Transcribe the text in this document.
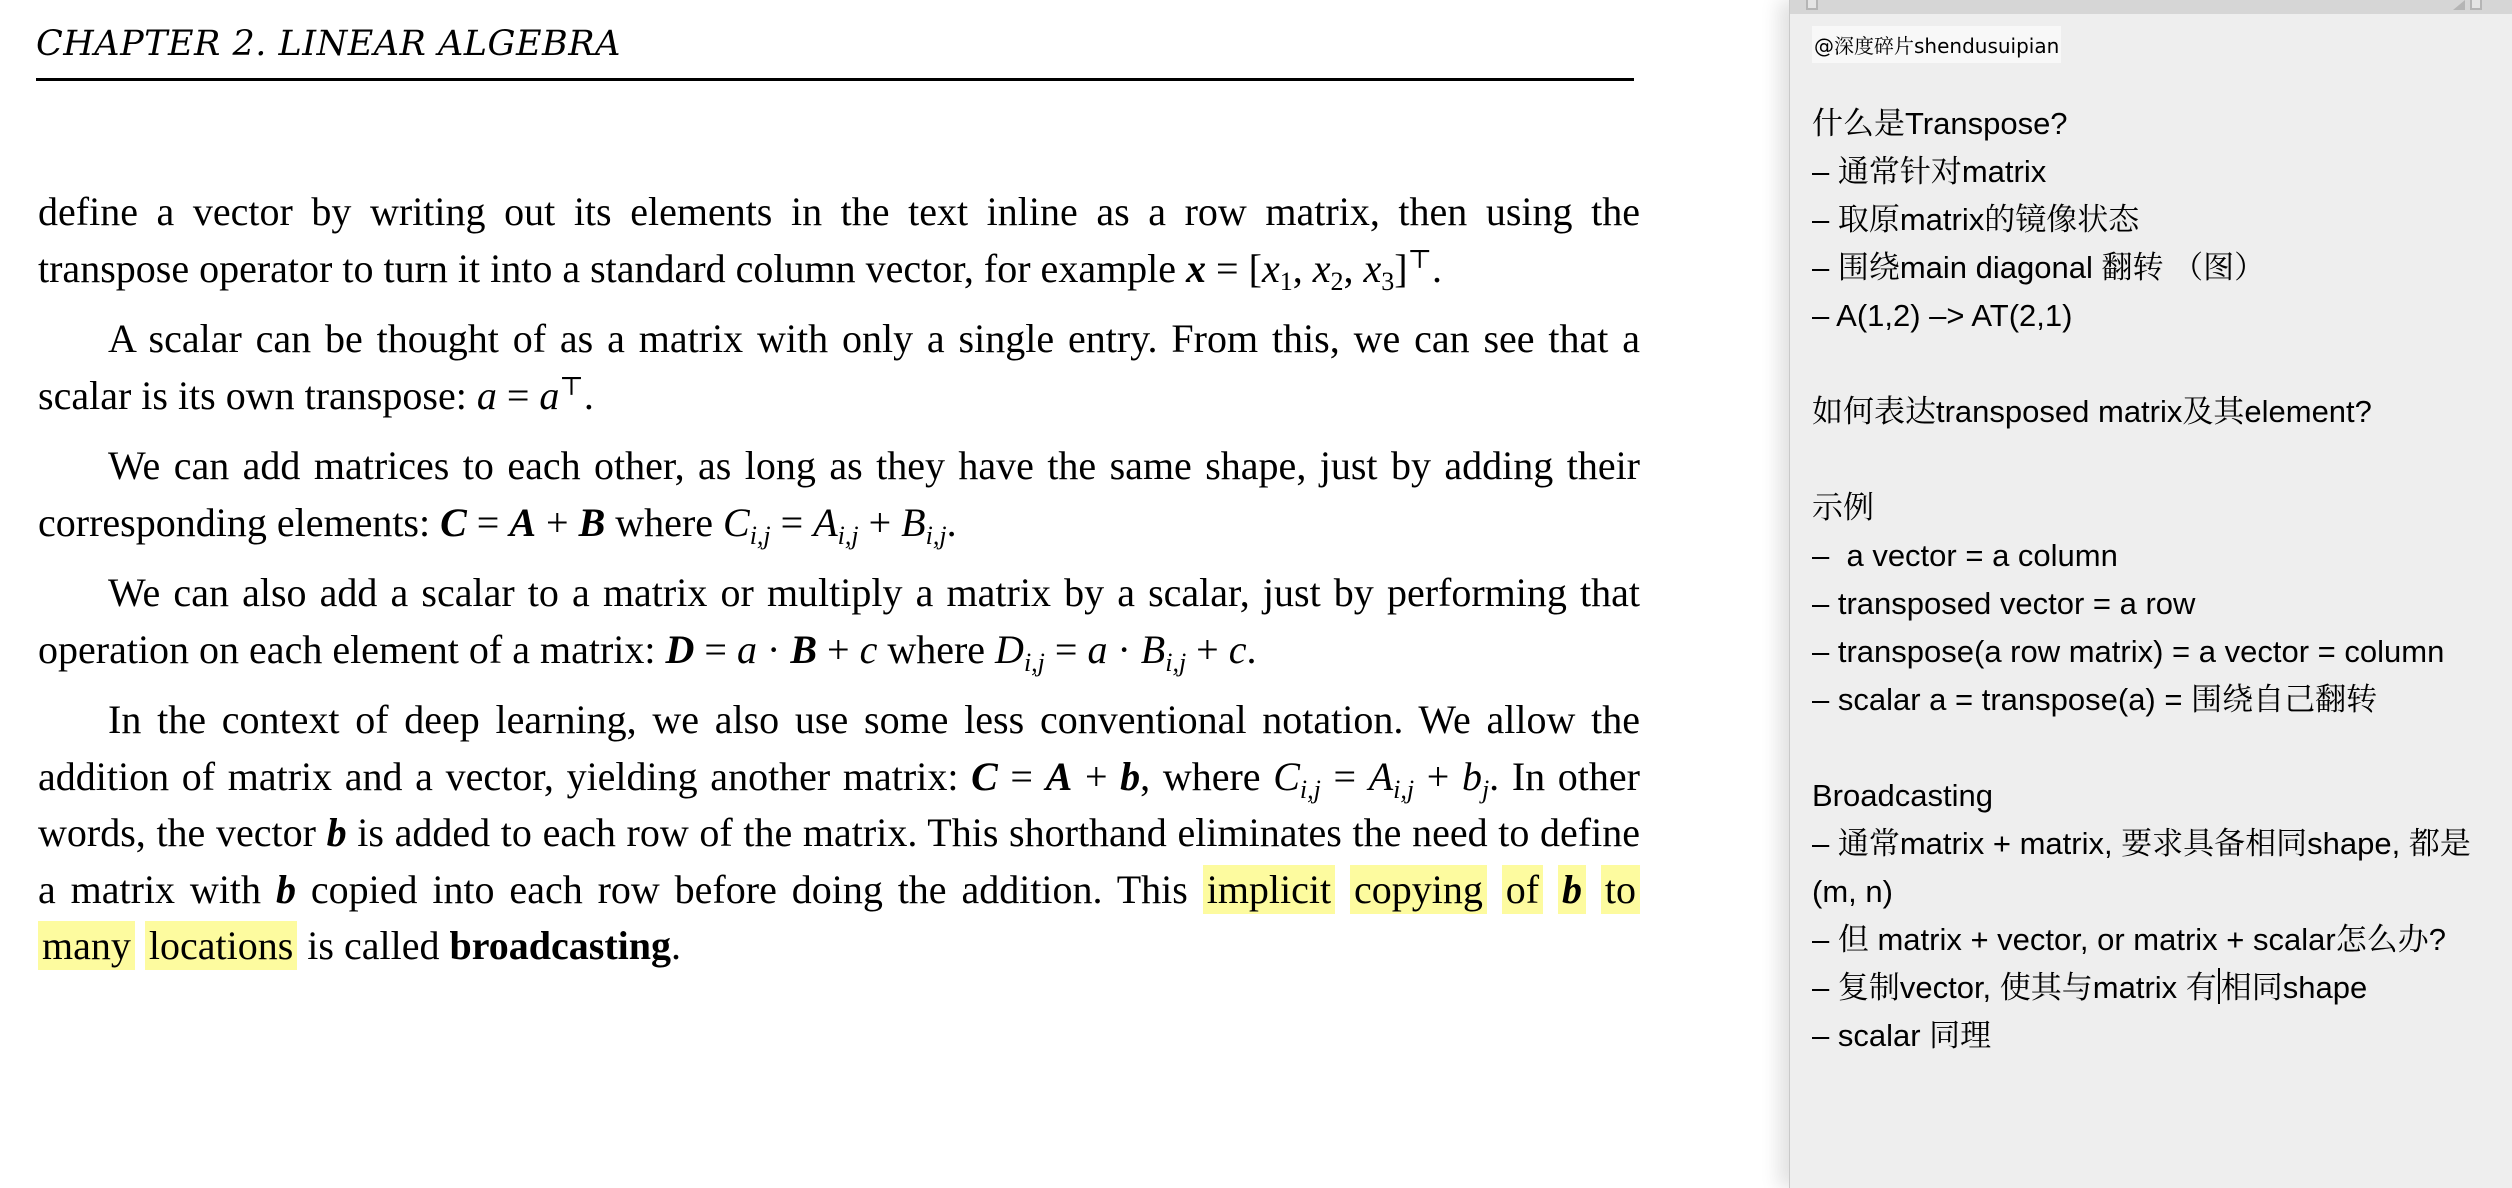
CHAPTER 2. LINEAR ALGEBRA

define a vector by writing out its elements in the text inline as a row matrix, then using the transpose operator to turn it into a standard column vector, for example $x = [x_1$, $x_2$, $x_3]^⊤$.

A scalar can be thought of as a matrix with only a single entry. From this, we can see that a scalar is its own transpose: a = a⊤.

We can add matrices to each other, as long as they have the same shape, just by adding their corresponding elements: C = A + B where $C_{i,j} = A_{i,j} + B_{i,j}$.

We can also add a scalar to a matrix or multiply a matrix by a scalar, just by performing that operation on each element of a matrix: D = a · B + c where $D_{i,j} = a \cdot B_{i,j} + c$.

In the context of deep learning, we also use some less conventional notation. We allow the addition of matrix and a vector, yielding another matrix: C = A + b, where $C_{i,j} = A_{i,j} + b_j$. In other words, the vector b is added to each row of the matrix. This shorthand eliminates the need to define a matrix with b copied into each row before doing the addition. This implicit copying of b to many locations is called broadcasting.

@深度碎片shendusuipian
什么是Transpose?
– 通常针对matrix
– 取原matrix的镜像状态
– 围绕main diagonal 翻转 （图）
– A(1,2) –> AT(2,1)
如何表达transposed matrix及其element?
示例
–  a vector = a column
– transposed vector = a row
– transpose(a row matrix) = a vector = column
– scalar a = transpose(a) = 围绕自己翻转
Broadcasting
– 通常matrix + matrix, 要求具备相同shape, 都是(m, n)
– 但 matrix + vector, or matrix + scalar怎么办?
– 复制vector, 使其与matrix 有 相同shape
– scalar 同理
